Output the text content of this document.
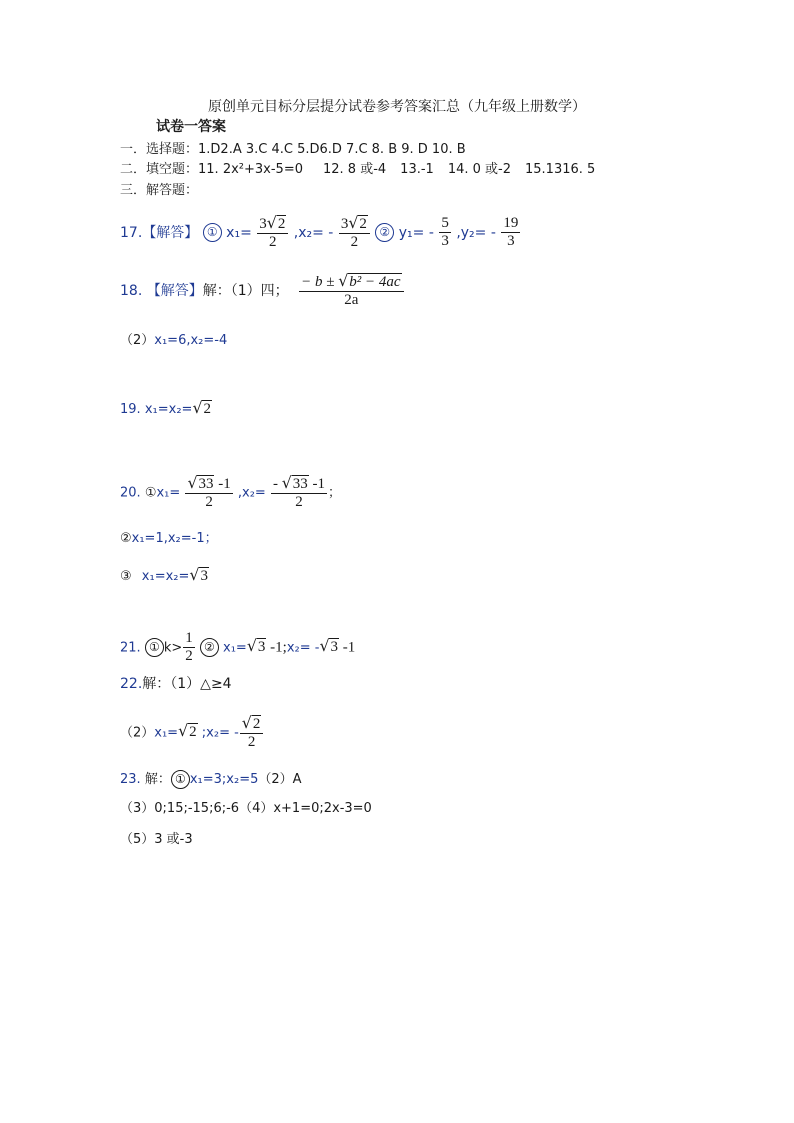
原创单元目标分层提分试卷参考答案汇总（九年级上册数学）
试卷一答案
一．选择题：1.D2.A 3.C 4.C 5.D6.D 7.C 8. B 9. D 10. B
二．填空题：11. 2x²+3x-5=0 12. 8 或-4 13.-1 14. 0 或-2 15.1316. 5
三．解答题：
17.【解答】 ① $x_1= \frac{3√2}{2} ,x_2= - \frac{3√2}{2}$ ② $y_1= - \frac{5}{3} ,y_2= - \frac{19}{3}$
18. 【解答】解：（1）四； $\frac{\text{− b ± √b² − 4ac}}{2a}$
（2）x₁=6,x₂=-4
19. x₁=x₂=√2
20. ①x₁= $\frac{√33 -1}{2} ,x_2= \frac{- √33 -1}{2}$ ；
②x₁=1,x₂=-1；
③ x₁=x₂=√3
21. ① $k> \frac{1}{2}$ ② x₁=√3 -1;x₂= -√3 -1
22.解：（1）△≥4
（2）x₁=√2 ;x₂= - $\frac{√2}{2}$
23. 解： ① x₁=3;x₂=5（2）A
（3）0;15;-15;6;-6（4）x+1=0;2x-3=0
（5）3 或-3
